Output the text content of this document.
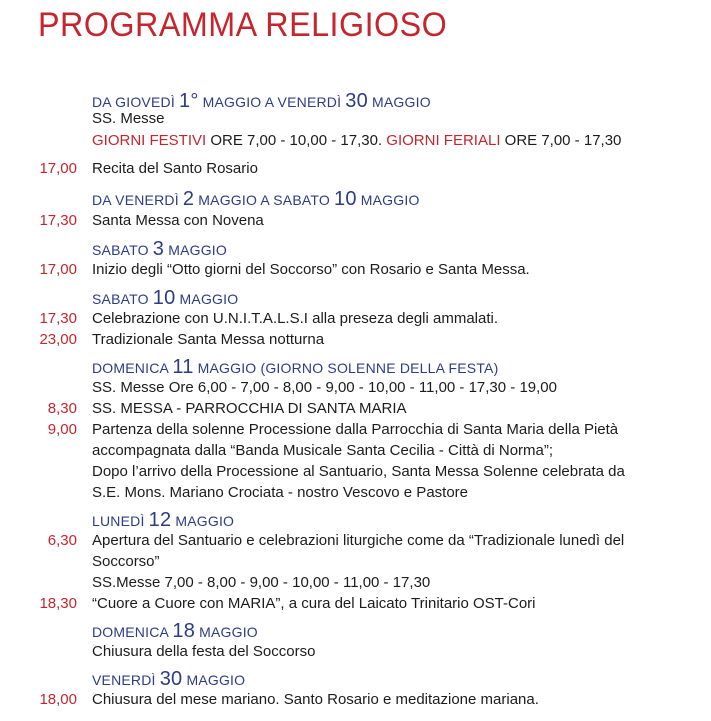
PROGRAMMA RELIGIOSO
DA GIOVEDÌ 1° MAGGIO A VENERDÌ 30 MAGGIO
SS. Messe
GIORNI FESTIVI ORE 7,00 - 10,00 - 17,30. GIORNI FERIALI ORE 7,00 - 17,30
17,00 Recita del Santo Rosario
DA VENERDÌ 2 MAGGIO A SABATO 10 MAGGIO
17,30 Santa Messa con Novena
SABATO 3 MAGGIO
17,00 Inizio degli “Otto giorni del Soccorso” con Rosario e Santa Messa.
SABATO 10 MAGGIO
17,30 Celebrazione con U.N.I.T.A.L.S.I alla preseza degli ammalati.
23,00 Tradizionale Santa Messa notturna
DOMENICA 11 MAGGIO (GIORNO SOLENNE DELLA FESTA)
SS. Messe Ore 6,00 - 7,00 - 8,00 - 9,00 - 10,00 - 11,00 - 17,30 - 19,00
8,30 SS. MESSA - PARROCCHIA DI SANTA MARIA
9,00 Partenza della solenne Processione dalla Parrocchia di Santa Maria della Pietà
accompagnata dalla “Banda Musicale Santa Cecilia - Città di Norma”;
Dopo l’arrivo della Processione al Santuario, Santa Messa Solenne celebrata da
S.E. Mons. Mariano Crociata - nostro Vescovo e Pastore
LUNEDÌ 12 MAGGIO
6,30 Apertura del Santuario e celebrazioni liturgiche come da “Tradizionale lunedì del
Soccorso”
SS.Messe 7,00 - 8,00 - 9,00 - 10,00 - 11,00 - 17,30
18,30 “Cuore a Cuore con MARIA”, a cura del Laicato Trinitario OST-Cori
DOMENICA 18 MAGGIO
Chiusura della festa del Soccorso
VENERDÌ 30 MAGGIO
18,00 Chiusura del mese mariano. Santo Rosario e meditazione mariana.
